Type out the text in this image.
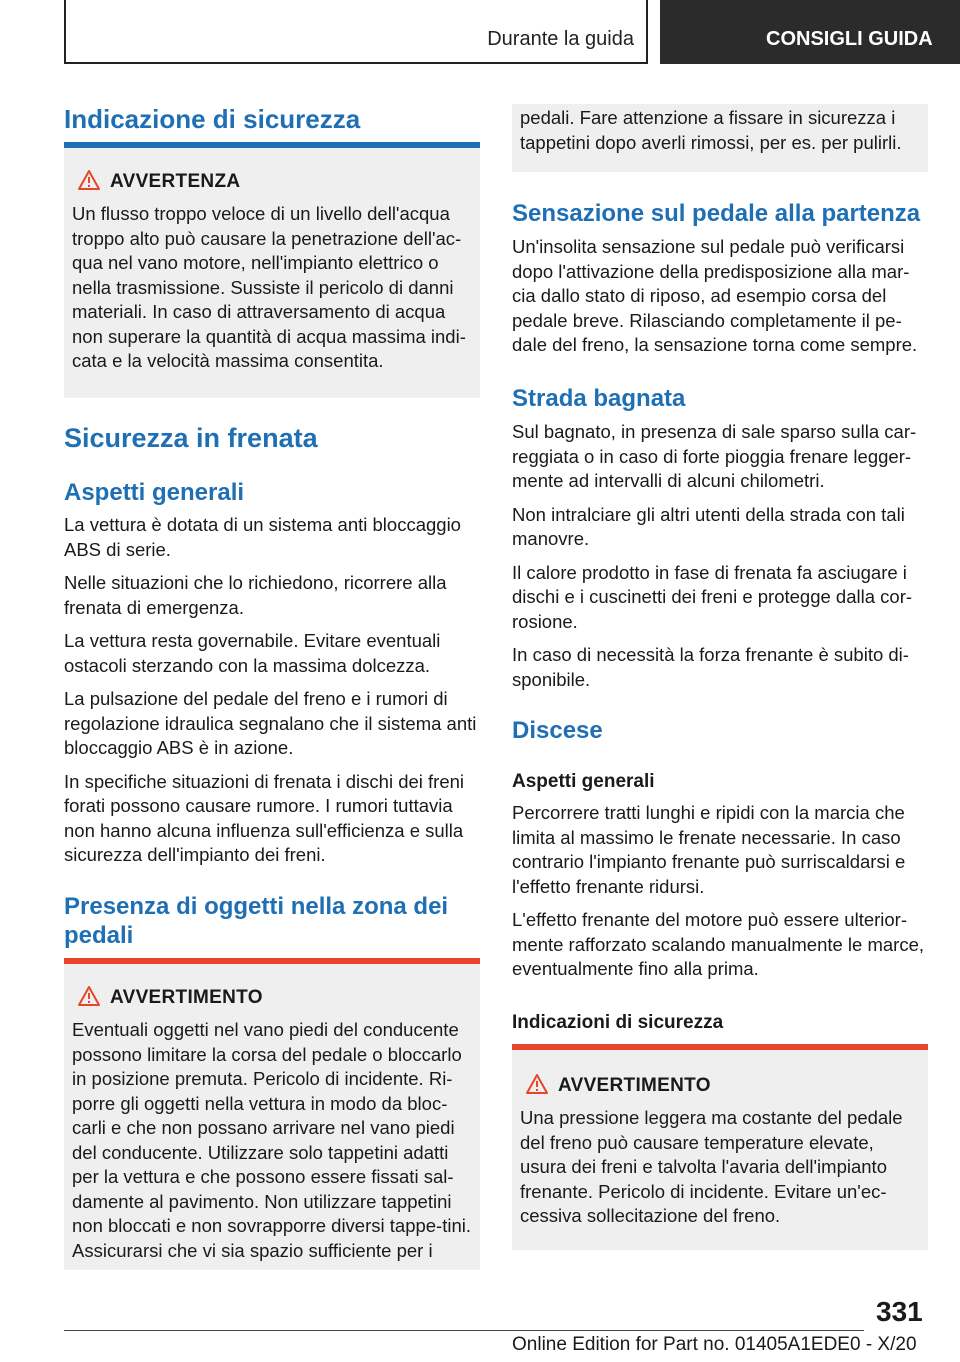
Durante la guida	CONSIGLI GUIDA
Indicazione di sicurezza
AVVERTENZA
Un flusso troppo veloce di un livello dell'acqua troppo alto può causare la penetrazione dell'ac-qua nel vano motore, nell'impianto elettrico o nella trasmissione. Sussiste il pericolo di danni materiali. In caso di attraversamento di acqua non superare la quantità di acqua massima indi-cata e la velocità massima consentita.
Sicurezza in frenata
Aspetti generali

La vettura è dotata di un sistema anti bloccaggio ABS di serie.

Nelle situazioni che lo richiedono, ricorrere alla frenata di emergenza.

La vettura resta governabile. Evitare eventuali ostacoli sterzando con la massima dolcezza.

La pulsazione del pedale del freno e i rumori di regolazione idraulica segnalano che il sistema anti bloccaggio ABS è in azione.

In specifiche situazioni di frenata i dischi dei freni forati possono causare rumore. I rumori tuttavia non hanno alcuna influenza sull'efficienza e sulla sicurezza dell'impianto dei freni.

Presenza di oggetti nella zona dei pedali
AVVERTIMENTO
Eventuali oggetti nel vano piedi del conducente possono limitare la corsa del pedale o bloccarlo in posizione premuta. Pericolo di incidente. Ri-porre gli oggetti nella vettura in modo da bloc-carli e che non possano arrivare nel vano piedi del conducente. Utilizzare solo tappetini adatti per la vettura e che possono essere fissati sal-damente al pavimento. Non utilizzare tappetini non bloccati e non sovrapporre diversi tappe-tini. Assicurarsi che vi sia spazio sufficiente per i
pedali. Fare attenzione a fissare in sicurezza i tappetini dopo averli rimossi, per es. per pulirli.
Sensazione sul pedale alla partenza

Un'insolita sensazione sul pedale può verificarsi dopo l'attivazione della predisposizione alla mar-cia dallo stato di riposo, ad esempio corsa del pedale breve. Rilasciando completamente il pe-dale del freno, la sensazione torna come sempre.

Strada bagnata

Sul bagnato, in presenza di sale sparso sulla car-reggiata o in caso di forte pioggia frenare legger-mente ad intervalli di alcuni chilometri.

Non intralciare gli altri utenti della strada con tali manovre.

Il calore prodotto in fase di frenata fa asciugare i dischi e i cuscinetti dei freni e protegge dalla cor-rosione.

In caso di necessità la forza frenante è subito di-sponibile.

Discese
Aspetti generali

Percorrere tratti lunghi e ripidi con la marcia che limita al massimo le frenate necessarie. In caso contrario l'impianto frenante può surriscaldarsi e l'effetto frenante ridursi.

L'effetto frenante del motore può essere ulterior-mente rafforzato scalando manualmente le marce, eventualmente fino alla prima.

Indicazioni di sicurezza
AVVERTIMENTO
Una pressione leggera ma costante del pedale del freno può causare temperature elevate, usura dei freni e talvolta l'avaria dell'impianto frenante. Pericolo di incidente. Evitare un'ec-cessiva sollecitazione del freno.
331
Online Edition for Part no. 01405A1EDE0 - X/20
